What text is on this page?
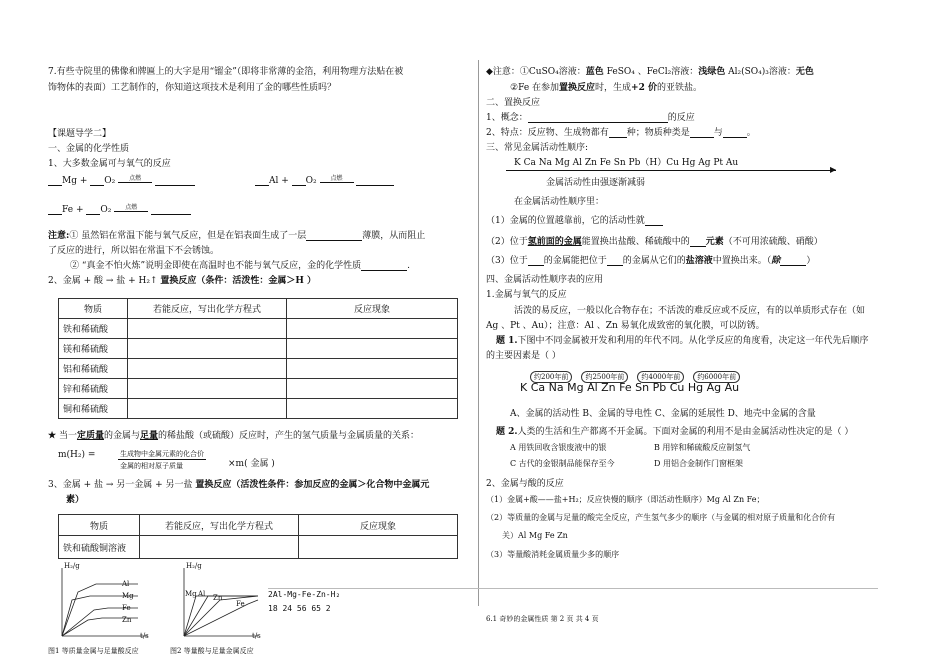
7.有些寺院里的佛像和牌匾上的大字是用“镏金”（即将非常薄的金箔，利用物理方法贴在被
饰物体的表面）工艺制作的，你知道这项技术是利用了金的哪些性质吗？
【课题导学二】
一、金属的化学性质
1、大多数金属可与氧气的反应
Mg + O₂ 点燃	Al + O₂ 点燃
Fe + O₂ 点燃
注意:① 虽然铝在常温下能与氧气反应，但是在铝表面生成了一层	薄膜，从而阻止
了反应的进行，所以铝在常温下不会锈蚀。
② “真金不怕火炼”说明金即使在高温时也不能与氧气反应，金的化学性质	.
2、金属 + 酸 → 盐 + H₂↑ 置换反应（条件：活泼性：金属＞H ）
物质	若能反应，写出化学方程式	反应现象
铁和稀硫酸		
镁和稀硫酸		
铝和稀硫酸		
锌和稀硫酸		
铜和稀硫酸		
★ 当一定质量的金属与足量的稀盐酸（或硫酸）反应时，产生的氢气质量与金属质量的关系：
m(H₂) =	生成物中金属元素的化合价
金属的相对原子质量	×m( 金属 )
3、金属 + 盐 → 另一金属 + 另一盐 置换反应（活泼性条件：参加反应的金属＞化合物中金属元
素）
物质	若能反应，写出化学方程式	反应现象
铁和硫酸铜溶液		
H₂/g
Al
Mg
Fe
Zn
t/s
图1 等质量金属与足量酸反应
H₂/g
Mg Al Zn
Fe
t/s
图2 等量酸与足量金属反应
2Al-Mg-Fe-Zn-H₂
18 24 56 65 2
◆注意：①CuSO₄溶液：蓝色 FeSO₄ 、FeCl₂溶液：浅绿色 Al₂(SO₄)₃溶液：无色
②Fe 在参加置换反应时，生成+2 价的亚铁盐。
二、置换反应
1、概念：	的反应
2、特点：反应物、生成物都有 种；物质种类是	与	。
三、常见金属活动性顺序:
K Ca Na Mg Al Zn Fe Sn Pb（H）Cu Hg Ag Pt Au
▶
金属活动性由强逐渐减弱
在金属活动性顺序里：
（1）金属的位置越靠前，它的活动性就
（2）位于氢前面的金属能置换出盐酸、稀硫酸中的 元素（不可用浓硫酸、硝酸）
（3）位于 的金属能把位于 的金属从它们的盐溶液中置换出来。（除	）
四、金属活动性顺序表的应用
1.金属与氧气的反应
活泼的易反应，一般以化合物存在；不活泼的难反应或不反应，有的以单质形式存在（如
Ag 、Pt 、Au）；注意：Al 、Zn 易氧化成致密的氧化膜，可以防锈。
题 1.下图中不同金属被开发和利用的年代不同。从化学反应的角度看，决定这一年代先后顺序
的主要因素是（ ）
约200年前 约2500年前 约4000年前 约6000年前
K Ca Na Mg Al Zn Fe Sn Pb Cu Hg Ag Au
A、金属的活动性 B、金属的导电性 C、金属的延展性 D、地壳中金属的含量
题 2.人类的生活和生产都离不开金属。下面对金属的利用不是由金属活动性决定的是（ ）
A 用铁回收含银废液中的银	B 用锌和稀硫酸反应制氢气
C 古代的金银制品能保存至今	D 用铝合金制作门窗框架
2、金属与酸的反应
（1）金属+酸——盐+H₂；反应快慢的顺序（即活动性顺序）Mg Al Zn Fe；
（2）等质量的金属与足量的酸完全反应，产生氢气多少的顺序（与金属的相对原子质量和化合价有
关）Al Mg Fe Zn
（3）等量酸消耗金属质量少多的顺序
6.1 奇妙的金属性质 第 2 页 共 4 页
